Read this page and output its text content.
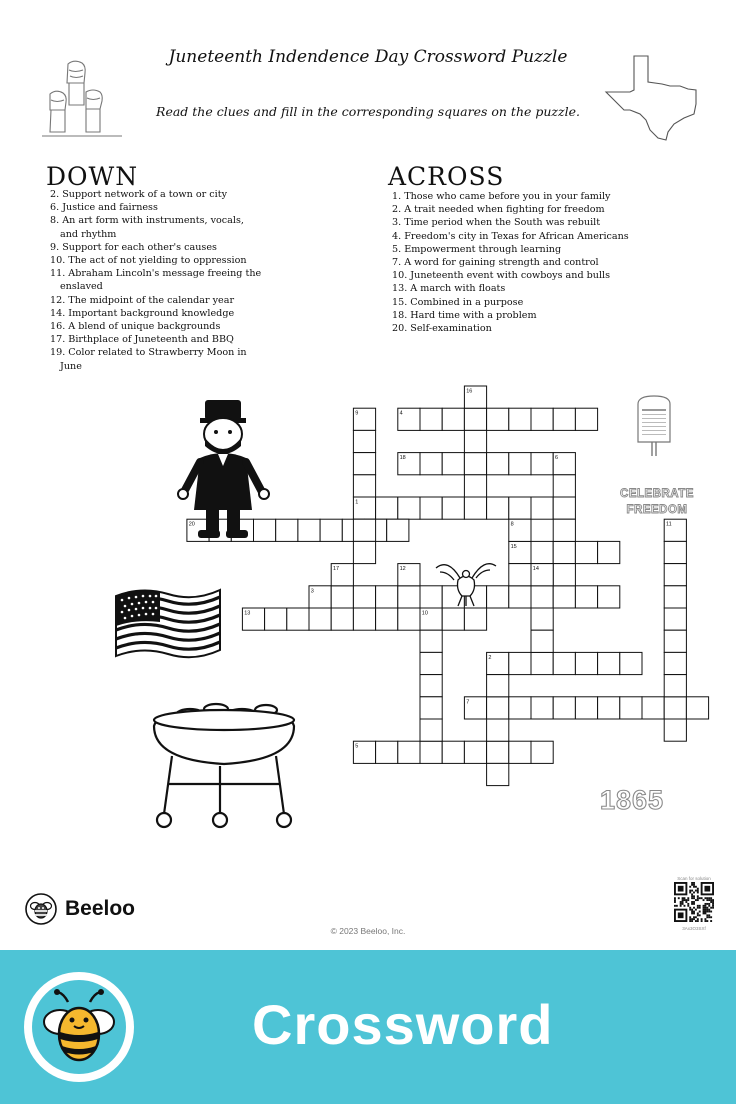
Juneteenth Indendence Day Crossword Puzzle
Read the clues and fill in the corresponding squares on the puzzle.
DOWN
2. Support network of a town or city
6. Justice and fairness
8. An art form with instruments, vocals, and rhythm
9. Support for each other's causes
10. The act of not yielding to oppression
11. Abraham Lincoln's message freeing the enslaved
12. The midpoint of the calendar year
14. Important background knowledge
16. A blend of unique backgrounds
17. Birthplace of Juneteenth and BBQ
19. Color related to Strawberry Moon in June
ACROSS
1. Those who came before you in your family
2. A trait needed when fighting for freedom
3. Time period when the South was rebuilt
4. Freedom's city in Texas for African Americans
5. Empowerment through learning
7. A word for gaining strength and control
10. Juneteenth event with cowboys and bulls
13. A march with floats
15. Combined in a purpose
18. Hard time with a problem
20. Self-examination
4
18
1
20
15
3
13
2
7
5
16
9
6
8	11
12
17	14
10
CELEBRATE
FREEDOM
1865
Beeloo
© 2023 Beeloo, Inc.
Scan for solution
3Ax3O3SXf
Crossword
